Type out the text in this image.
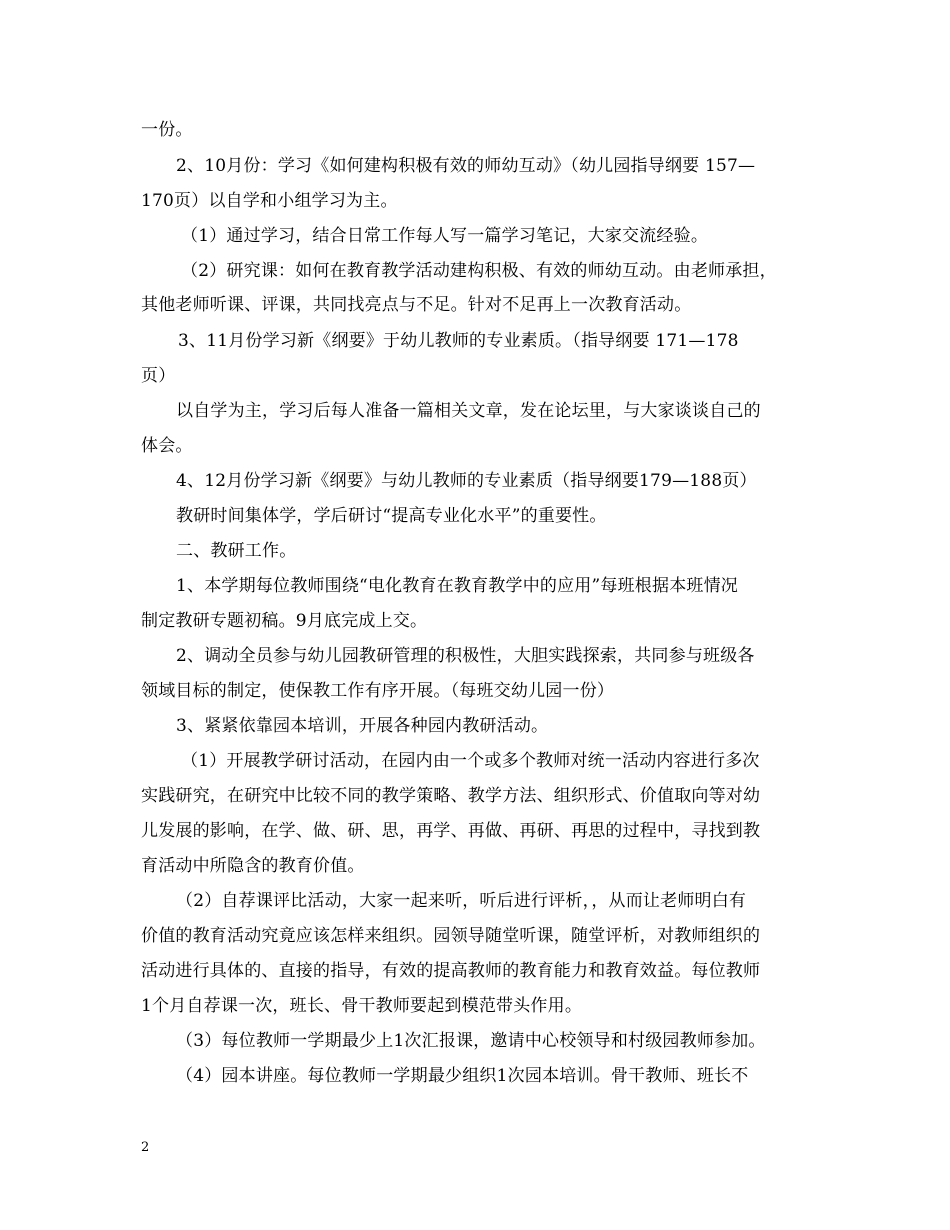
一份。
2、10月份：学习《如何建构积极有效的师幼互动》（幼儿园指导纲要 157—
170页）以自学和小组学习为主。
（1）通过学习，结合日常工作每人写一篇学习笔记，大家交流经验。
（2）研究课：如何在教育教学活动建构积极、有效的师幼互动。由老师承担，
其他老师听课、评课，共同找亮点与不足。针对不足再上一次教育活动。
3、11月份学习新《纲要》于幼儿教师的专业素质。（指导纲要 171—178
页）
以自学为主，学习后每人准备一篇相关文章，发在论坛里，与大家谈谈自己的
体会。
4、12月份学习新《纲要》与幼儿教师的专业素质（指导纲要179—188页）
教研时间集体学，学后研讨“提高专业化水平”的重要性。
二、教研工作。
1、本学期每位教师围绕“电化教育在教育教学中的应用”每班根据本班情况
制定教研专题初稿。9月底完成上交。
2、调动全员参与幼儿园教研管理的积极性，大胆实践探索，共同参与班级各
领域目标的制定，使保教工作有序开展。（每班交幼儿园一份）
3、紧紧依靠园本培训，开展各种园内教研活动。
（1）开展教学研讨活动，在园内由一个或多个教师对统一活动内容进行多次
实践研究，在研究中比较不同的教学策略、教学方法、组织形式、价值取向等对幼
儿发展的影响，在学、做、研、思，再学、再做、再研、再思的过程中，寻找到教
育活动中所隐含的教育价值。
（2）自荐课评比活动，大家一起来听，听后进行评析，，从而让老师明白有
价值的教育活动究竟应该怎样来组织。园领导随堂听课，随堂评析，对教师组织的
活动进行具体的、直接的指导，有效的提高教师的教育能力和教育效益。每位教师
1个月自荐课一次，班长、骨干教师要起到模范带头作用。
（3）每位教师一学期最少上1次汇报课，邀请中心校领导和村级园教师参加。
（4）园本讲座。每位教师一学期最少组织1次园本培训。骨干教师、班长不
2
